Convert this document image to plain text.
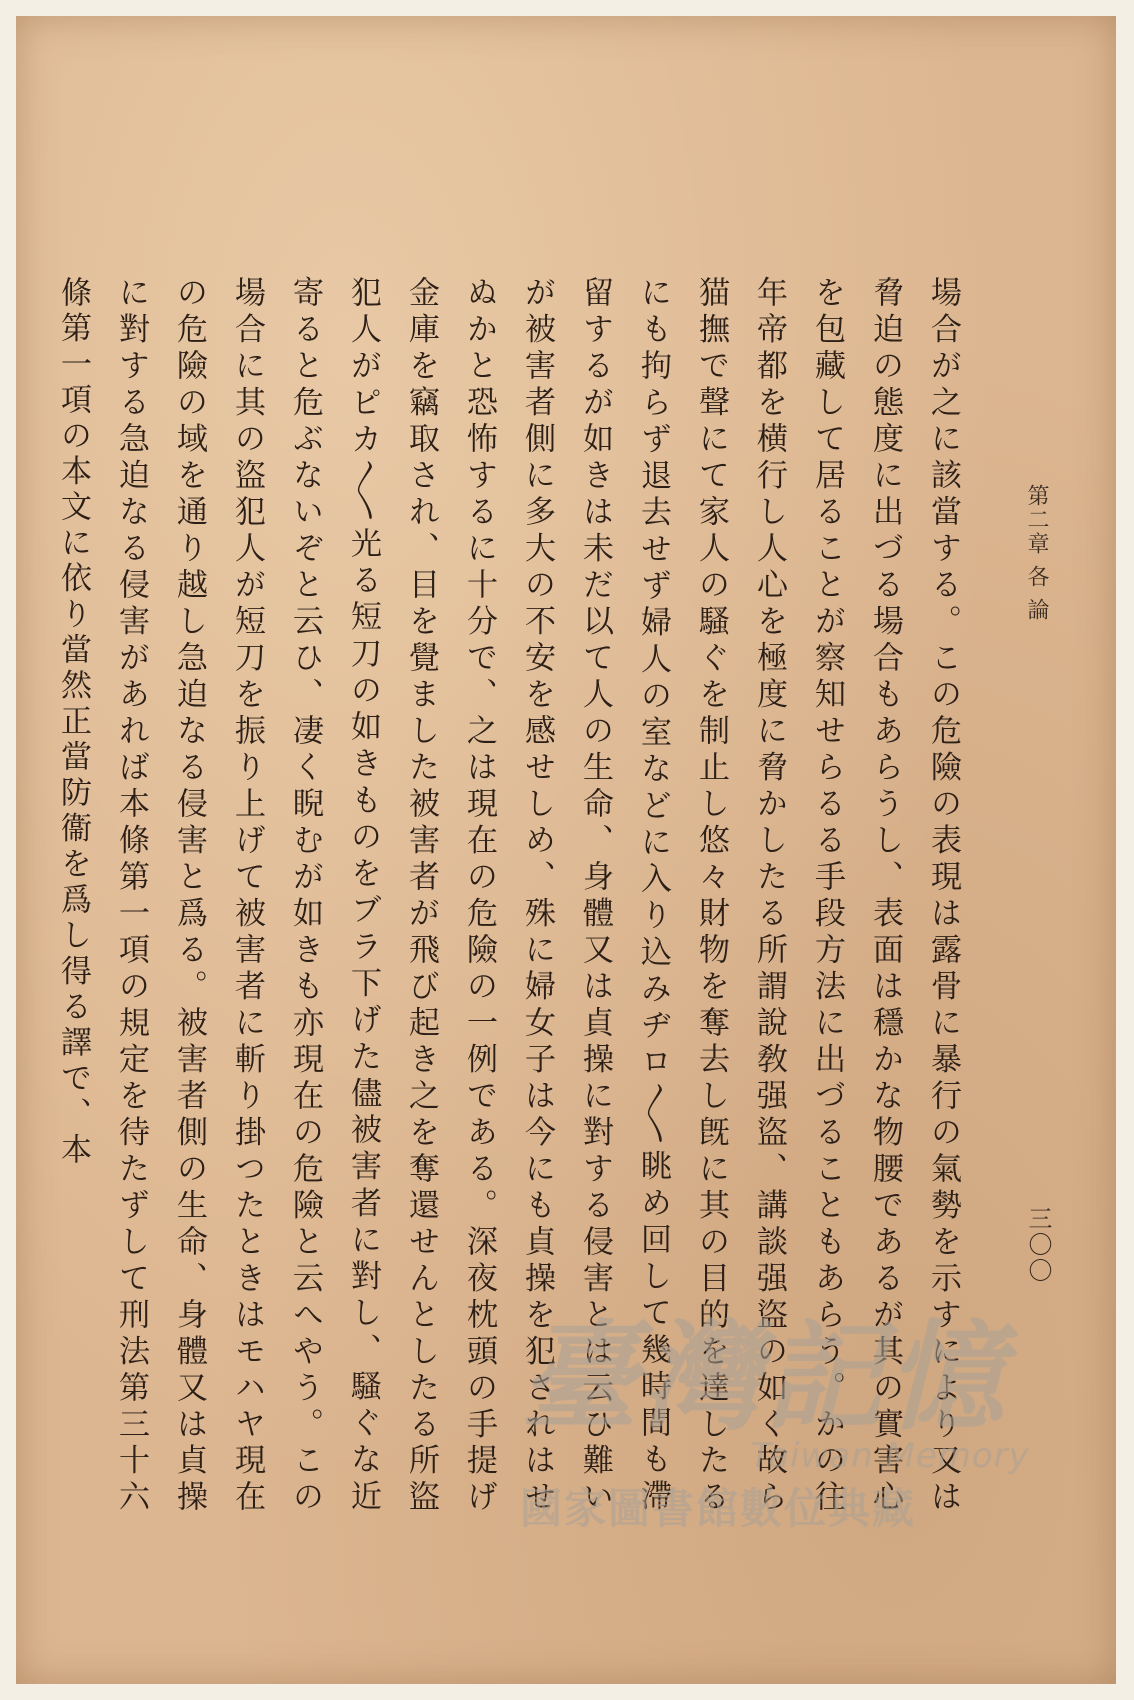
第二章 各 論
三〇〇
場合が之に該當する。この危險の表現は露骨に暴行の氣勢を示すにより又は脅迫の態度に出づる場合もあらうし、表面は穩かな物腰であるが其の實害心を包藏して居ることが察知せらるる手段方法に出づることもあらう。かの往年帝都を横行し人心を極度に脅かしたる所謂說敎强盜、講談强盜の如く故ら猫撫で聲にて家人の騷ぐを制止し悠々財物を奪去し旣に其の目的を達したるにも拘らず退去せず婦人の室などに入り込みヂロ〳〵眺め回して幾時間も滯留するが如きは未だ以て人の生命、身體又は貞操に對する侵害とは云ひ難いが被害者側に多大の不安を感せしめ、殊に婦女子は今にも貞操を犯されはせぬかと恐怖するに十分で、之は現在の危險の一例である。深夜枕頭の手提げ金庫を竊取され、目を覺ました被害者が飛び起き之を奪還せんとしたる所盜犯人がピカ〳〵光る短刀の如きものをブラ下げた儘被害者に對し、騷ぐな近寄ると危ぶないぞと云ひ、凄く睨むが如きも亦現在の危險と云へやう。この場合に其の盜犯人が短刀を振り上げて被害者に斬り掛つたときはモハヤ現在の危險の域を通り越し急迫なる侵害と爲る。被害者側の生命、身體又は貞操に對する急迫なる侵害があれば本條第一項の規定を待たずして刑法第三十六條第一項の本文に依り當然正當防衞を爲し得る譯で、本
臺灣記憶
Taiwan Memory
國家圖書館數位典藏
